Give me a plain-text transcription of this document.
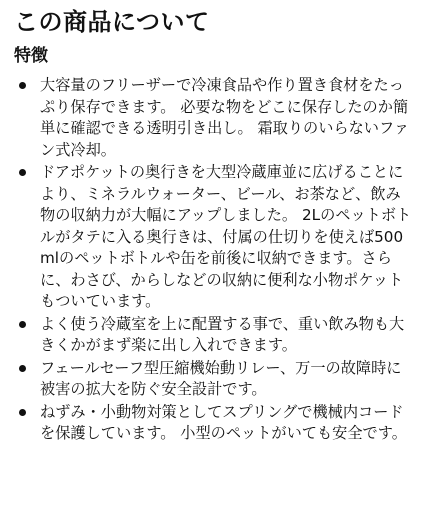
この商品について
特徴
大容量のフリーザーで冷凍食品や作り置き食材をたっぷり保存できます。 必要な物をどこに保存したのか簡単に確認できる透明引き出し。 霜取りのいらないファン式冷却。
ドアポケットの奥行きを大型冷蔵庫並に広げることにより、ミネラルウォーター、ビール、お茶など、飲み物の収納力が大幅にアップしました。 2Lのペットボトルがタテに入る奥行きは、付属の仕切りを使えば500mlのペットボトルや缶を前後に収納できます。さらに、わさび、からしなどの収納に便利な小物ポケットもついています。
よく使う冷蔵室を上に配置する事で、重い飲み物も大きくかがまず楽に出し入れできます。
フェールセーフ型圧縮機始動リレー、万一の故障時に被害の拡大を防ぐ安全設計です。
ねずみ・小動物対策としてスプリングで機械内コードを保護しています。 小型のペットがいても安全です。
